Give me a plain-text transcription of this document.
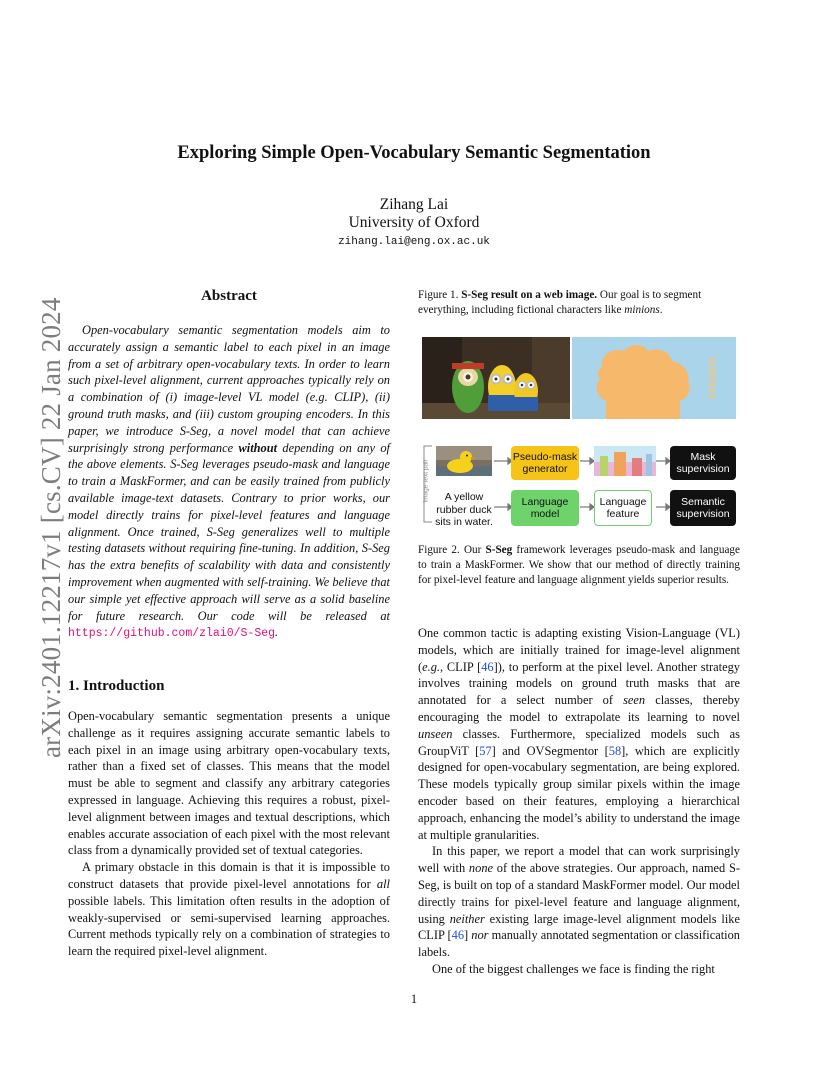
arXiv:2401.12217v1 [cs.CV] 22 Jan 2024
Exploring Simple Open-Vocabulary Semantic Segmentation
Zihang Lai
University of Oxford
zihang.lai@eng.ox.ac.uk
Abstract
Open-vocabulary semantic segmentation models aim to accurately assign a semantic label to each pixel in an image from a set of arbitrary open-vocabulary texts. In order to learn such pixel-level alignment, current approaches typically rely on a combination of (i) image-level VL model (e.g. CLIP), (ii) ground truth masks, and (iii) custom grouping encoders. In this paper, we introduce S-Seg, a novel model that can achieve surprisingly strong performance without depending on any of the above elements. S-Seg leverages pseudo-mask and language to train a MaskFormer, and can be easily trained from publicly available image-text datasets. Contrary to prior works, our model directly trains for pixel-level features and language alignment. Once trained, S-Seg generalizes well to multiple testing datasets without requiring fine-tuning. In addition, S-Seg has the extra benefits of scalability with data and consistently improvement when augmented with self-training. We believe that our simple yet effective approach will serve as a solid baseline for future research. Our code will be released at https://github.com/zlai0/S-Seg.
1. Introduction

Open-vocabulary semantic segmentation presents a unique challenge as it requires assigning accurate semantic labels to each pixel in an image using arbitrary open-vocabulary texts, rather than a fixed set of classes. This means that the model must be able to segment and classify any arbitrary categories expressed in language. Achieving this requires a robust, pixel-level alignment between images and textual descriptions, which enables accurate association of each pixel with the most relevant class from a dynamically provided set of textual categories.

A primary obstacle in this domain is that it is impossible to construct datasets that provide pixel-level annotations for all possible labels. This limitation often results in the adoption of weakly-supervised or semi-supervised learning approaches. Current methods typically rely on a combination of strategies to learn the required pixel-level alignment.

Figure 1. S-Seg result on a web image. Our goal is to segment everything, including fictional characters like minions.
minions
Image-text pair	A yellow rubber duck sits in water.
Pseudo-mask generator
Language model
Language feature
Mask supervision
Semantic supervision
Figure 2. Our S-Seg framework leverages pseudo-mask and language to train a MaskFormer. We show that our method of directly training for pixel-level feature and language alignment yields superior results.

One common tactic is adapting existing Vision-Language (VL) models, which are initially trained for image-level alignment (e.g., CLIP [46]), to perform at the pixel level. Another strategy involves training models on ground truth masks that are annotated for a select number of seen classes, thereby encouraging the model to extrapolate its learning to novel unseen classes. Furthermore, specialized models such as GroupViT [57] and OVSegmentor [58], which are explicitly designed for open-vocabulary segmentation, are being explored. These models typically group similar pixels within the image encoder based on their features, employing a hierarchical approach, enhancing the model’s ability to understand the image at multiple granularities.

In this paper, we report a model that can work surprisingly well with none of the above strategies. Our approach, named S-Seg, is built on top of a standard MaskFormer model. Our model directly trains for pixel-level feature and language alignment, using neither existing large image-level alignment models like CLIP [46] nor manually annotated segmentation or classification labels.

One of the biggest challenges we face is finding the right

1
